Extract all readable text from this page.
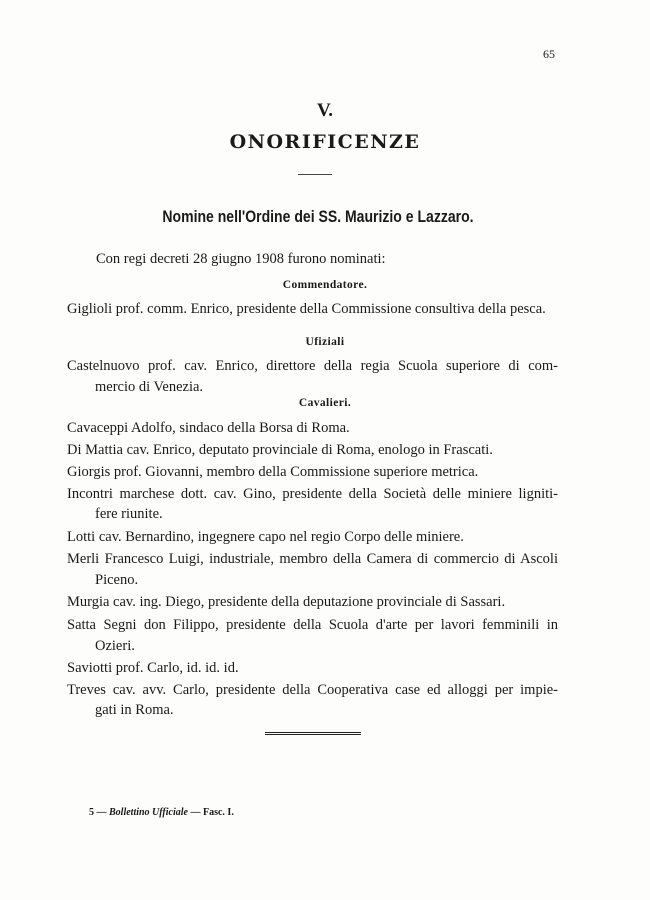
65
V.
ONORIFICENZE
Nomine nell'Ordine dei SS. Maurizio e Lazzaro.
Con regi decreti 28 giugno 1908 furono nominati:
Commendatore.
Giglioli prof. comm. Enrico, presidente della Commissione consultiva della pesca.
Ufiziali
Castelnuovo prof. cav. Enrico, direttore della regia Scuola superiore di com-
mercio di Venezia.
Cavalieri.
Cavaceppi Adolfo, sindaco della Borsa di Roma.
Di Mattia cav. Enrico, deputato provinciale di Roma, enologo in Frascati.
Giorgis prof. Giovanni, membro della Commissione superiore metrica.
Incontri marchese dott. cav. Gino, presidente della Società delle miniere ligniti-
fere riunite.
Lotti cav. Bernardino, ingegnere capo nel regio Corpo delle miniere.
Merli Francesco Luigi, industriale, membro della Camera di commercio di Ascoli
Piceno.
Murgia cav. ing. Diego, presidente della deputazione provinciale di Sassari.
Satta Segni don Filippo, presidente della Scuola d'arte per lavori femminili in
Ozieri.
Saviotti prof. Carlo, id. id. id.
Treves cav. avv. Carlo, presidente della Cooperativa case ed alloggi per impie-
gati in Roma.
5 — Bollettino Ufficiale — Fasc. I.
